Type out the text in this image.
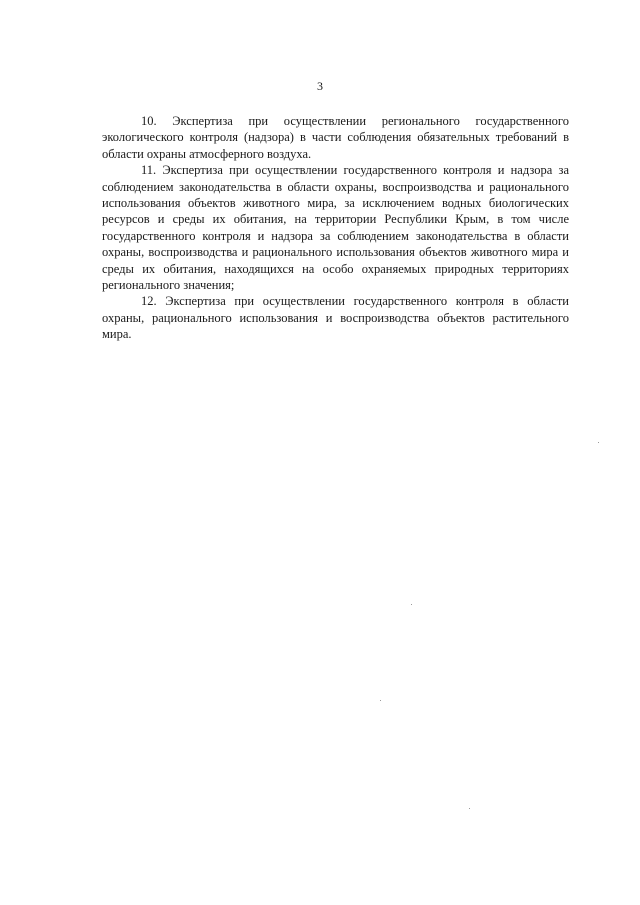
3

10. Экспертиза при осуществлении регионального государственного экологического контроля (надзора) в части соблюдения обязательных требований в области охраны атмосферного воздуха.

11. Экспертиза при осуществлении государственного контроля и надзора за соблюдением законодательства в области охраны, воспроизводства и рационального использования объектов животного мира, за исключением водных биологических ресурсов и среды их обитания, на территории Республики Крым, в том числе государственного контроля и надзора за соблюдением законодательства в области охраны, воспроизводства и рационального использования объектов животного мира и среды их обитания, находящихся на особо охраняемых природных территориях регионального значения;

12. Экспертиза при осуществлении государственного контроля в области охраны, рационального использования и воспроизводства объектов растительного мира.
